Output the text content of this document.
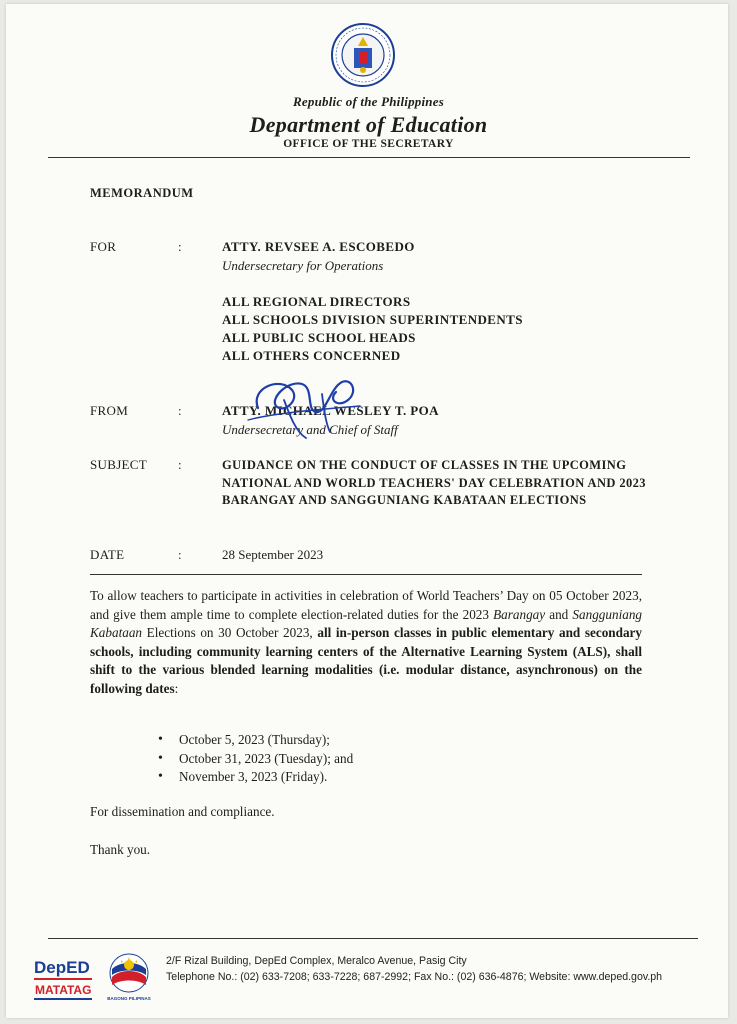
Republic of the Philippines
Department of Education
OFFICE OF THE SECRETARY
MEMORANDUM
FOR	:	ATTY. REVSEE A. ESCOBEDO
Undersecretary for Operations
ALL REGIONAL DIRECTORS
ALL SCHOOLS DIVISION SUPERINTENDENTS
ALL PUBLIC SCHOOL HEADS
ALL OTHERS CONCERNED
FROM	:	ATTY. MICHAEL WESLEY T. POA
Undersecretary and Chief of Staff
SUBJECT :	GUIDANCE ON THE CONDUCT OF CLASSES IN THE UPCOMING NATIONAL AND WORLD TEACHERS' DAY CELEBRATION AND 2023 BARANGAY AND SANGGUNIANG KABATAAN ELECTIONS
DATE	:	28 September 2023
To allow teachers to participate in activities in celebration of World Teachers’ Day on 05 October 2023, and give them ample time to complete election-related duties for the 2023 Barangay and Sangguniang Kabataan Elections on 30 October 2023, all in-person classes in public elementary and secondary schools, including community learning centers of the Alternative Learning System (ALS), shall shift to the various blended learning modalities (i.e. modular distance, asynchronous) on the following dates:
• October 5, 2023 (Thursday);
• October 31, 2023 (Tuesday); and
• November 3, 2023 (Friday).
For dissemination and compliance.
Thank you.
DepED
MATATAG
BAGONG PILIPINAS
2/F Rizal Building, DepEd Complex, Meralco Avenue, Pasig City
Telephone No.: (02) 633-7208; 633-7228; 687-2992; Fax No.: (02) 636-4876; Website: www.deped.gov.ph
